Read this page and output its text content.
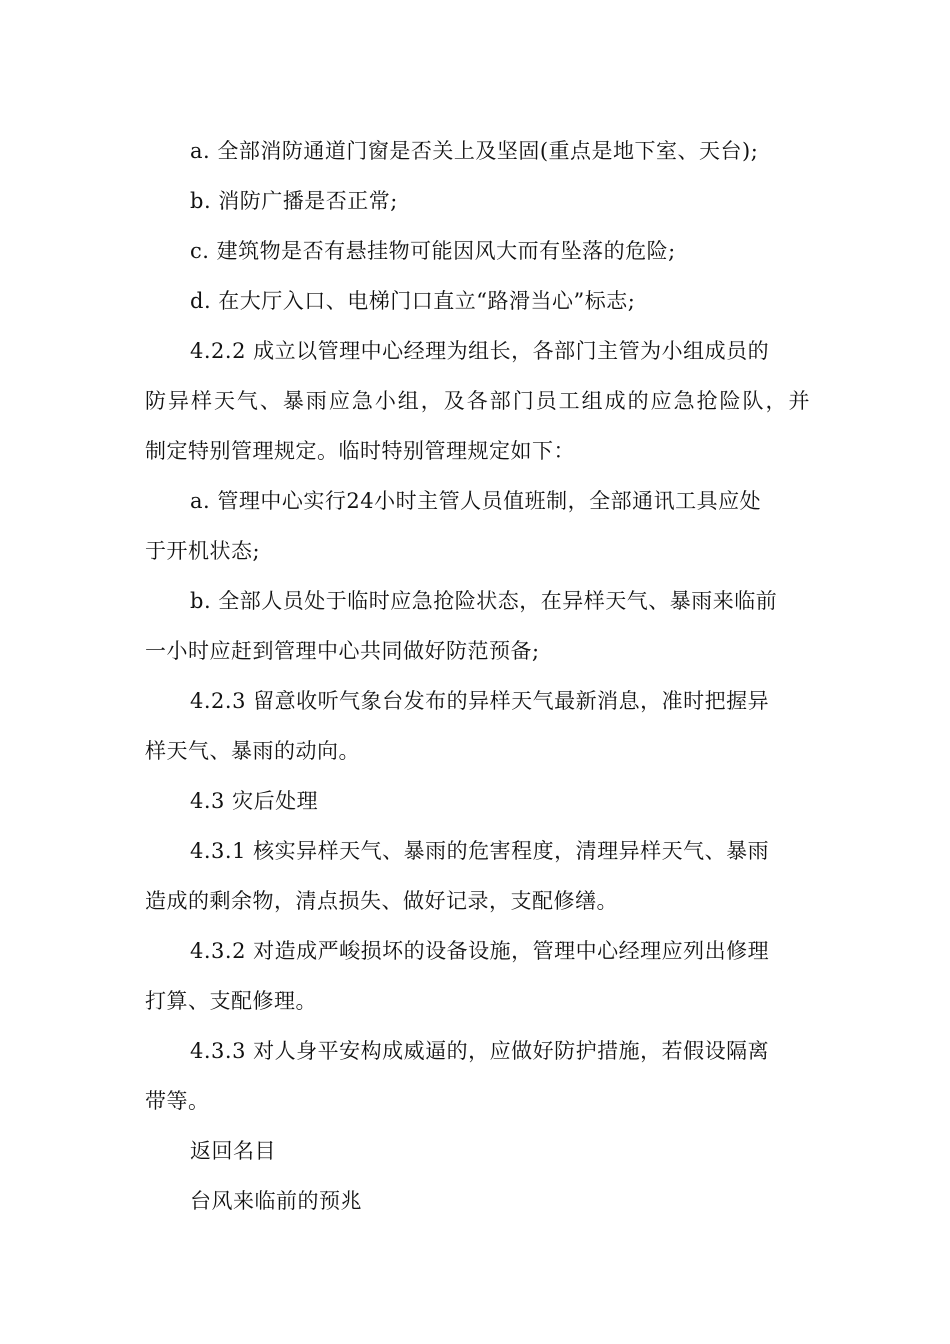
a. 全部消防通道门窗是否关上及坚固(重点是地下室、天台);
b. 消防广播是否正常;
c. 建筑物是否有悬挂物可能因风大而有坠落的危险;
d. 在大厅入口、电梯门口直立“路滑当心”标志;
4.2.2 成立以管理中心经理为组长，各部门主管为小组成员的
防异样天气、暴雨应急小组，及各部门员工组成的应急抢险队，并
制定特别管理规定。临时特别管理规定如下：
a. 管理中心实行24小时主管人员值班制，全部通讯工具应处
于开机状态;
b. 全部人员处于临时应急抢险状态，在异样天气、暴雨来临前
一小时应赶到管理中心共同做好防范预备;
4.2.3 留意收听气象台发布的异样天气最新消息，准时把握异
样天气、暴雨的动向。
4.3 灾后处理
4.3.1 核实异样天气、暴雨的危害程度，清理异样天气、暴雨
造成的剩余物，清点损失、做好记录，支配修缮。
4.3.2 对造成严峻损坏的设备设施，管理中心经理应列出修理
打算、支配修理。
4.3.3 对人身平安构成威逼的，应做好防护措施，若假设隔离
带等。
返回名目
台风来临前的预兆
